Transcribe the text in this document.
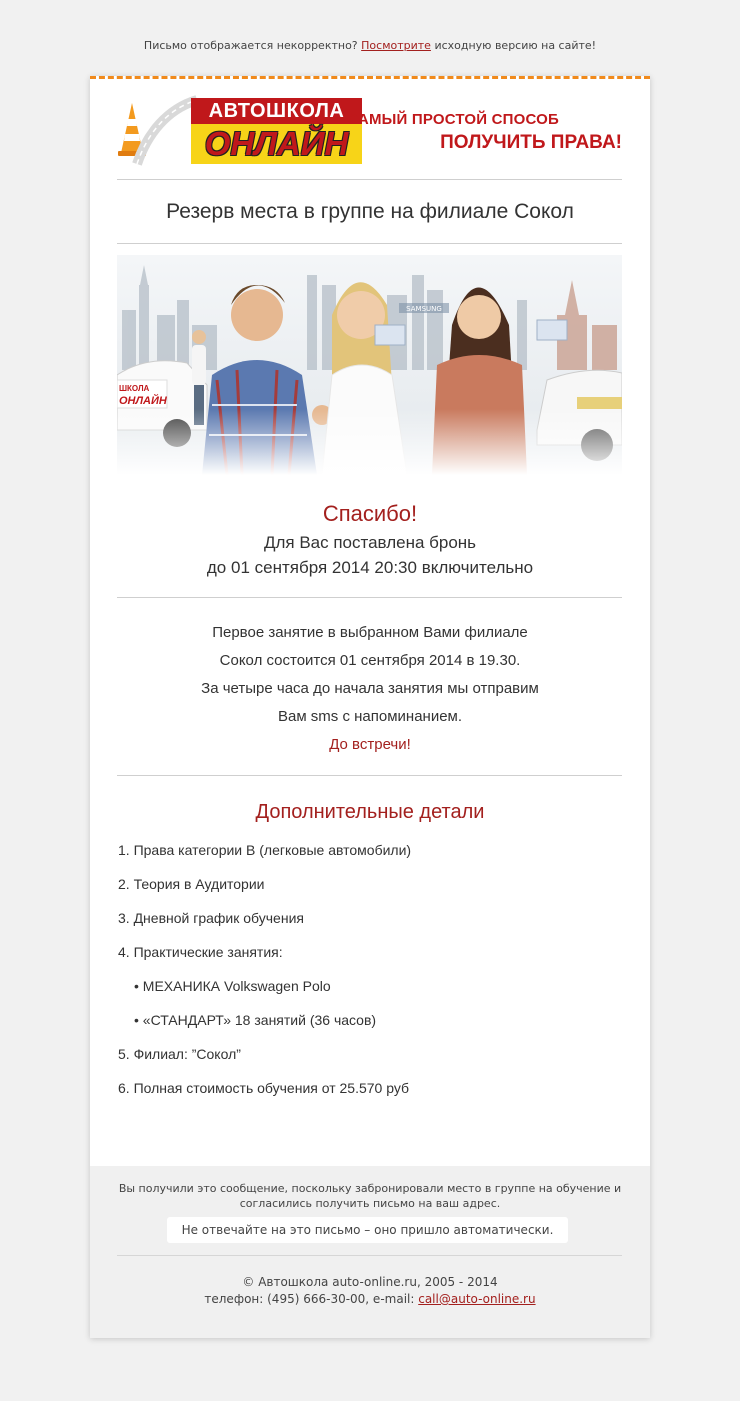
Письмо отображается некорректно? Посмотрите исходную версию на сайте!
АВТОШКОЛА
ОНЛАЙН
САМЫЙ ПРОСТОЙ СПОСОБ
ПОЛУЧИТЬ ПРАВА!
Резерв места в группе на филиале Сокол
Спасибо!
Для Вас поставлена бронь
до 01 сентября 2014 20:30 включительно
Первое занятие в выбранном Вами филиале
Сокол состоится 01 сентября 2014 в 19.30.
За четыре часа до начала занятия мы отправим
Вам sms с напоминанием.
До встречи!
Дополнительные детали
1. Права категории В (легковые автомобили)
2. Теория в Аудитории
3. Дневной график обучения
4. Практические занятия:
• МЕХАНИКА Volkswagen Polo
• «СТАНДАРТ» 18 занятий (36 часов)
5. Филиал: ”Сокол”
6. Полная стоимость обучения от 25.570 руб
Вы получили это сообщение, поскольку забронировали место в группе на обучение и согласились получить письмо на ваш адрес.
Не отвечайте на это письмо – оно пришло автоматически.
© Автошкола auto-online.ru, 2005 - 2014
телефон: (495) 666-30-00, e-mail: call@auto-online.ru
